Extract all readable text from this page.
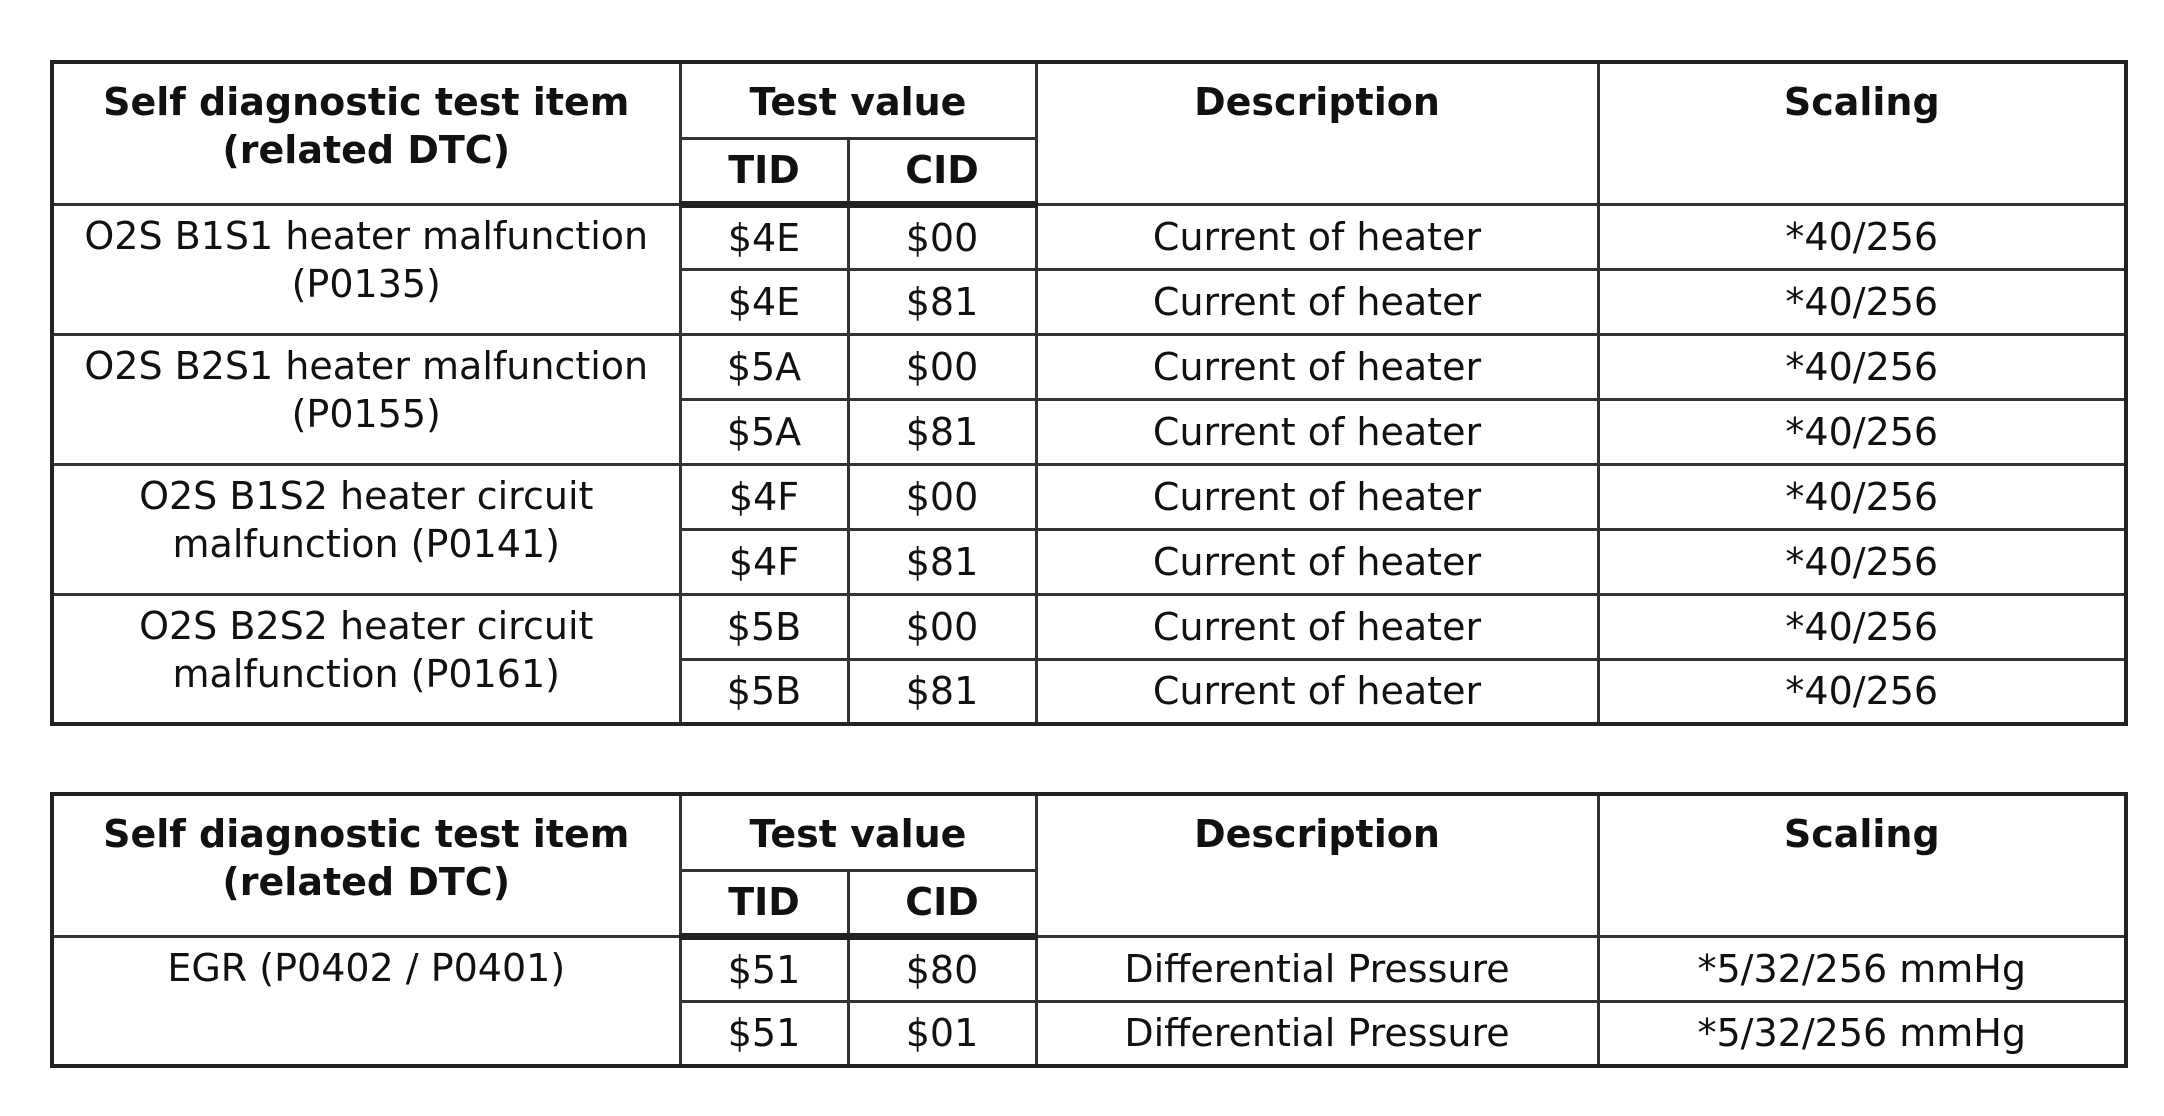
Self diagnostic test item
(related DTC)	Test value		Description	Scaling
	TID	CID		

O2S B1S1 heater malfunction
(P0135)	$4E	$00	Current of heater	*40/256
	$4E	$81	Current of heater	*40/256

O2S B2S1 heater malfunction
(P0155)	$5A	$00	Current of heater	*40/256
	$5A	$81	Current of heater	*40/256

O2S B1S2 heater circuit
malfunction (P0141)	$4F	$00	Current of heater	*40/256
	$4F	$81	Current of heater	*40/256

O2S B2S2 heater circuit
malfunction (P0161)	$5B	$00	Current of heater	*40/256
	$5B	$81	Current of heater	*40/256
Self diagnostic test item
(related DTC)	Test value		Description	Scaling
	TID	CID		

EGR (P0402 / P0401)	$51	$80	Differential Pressure	*5/32/256 mmHg
	$51	$01	Differential Pressure	*5/32/256 mmHg
